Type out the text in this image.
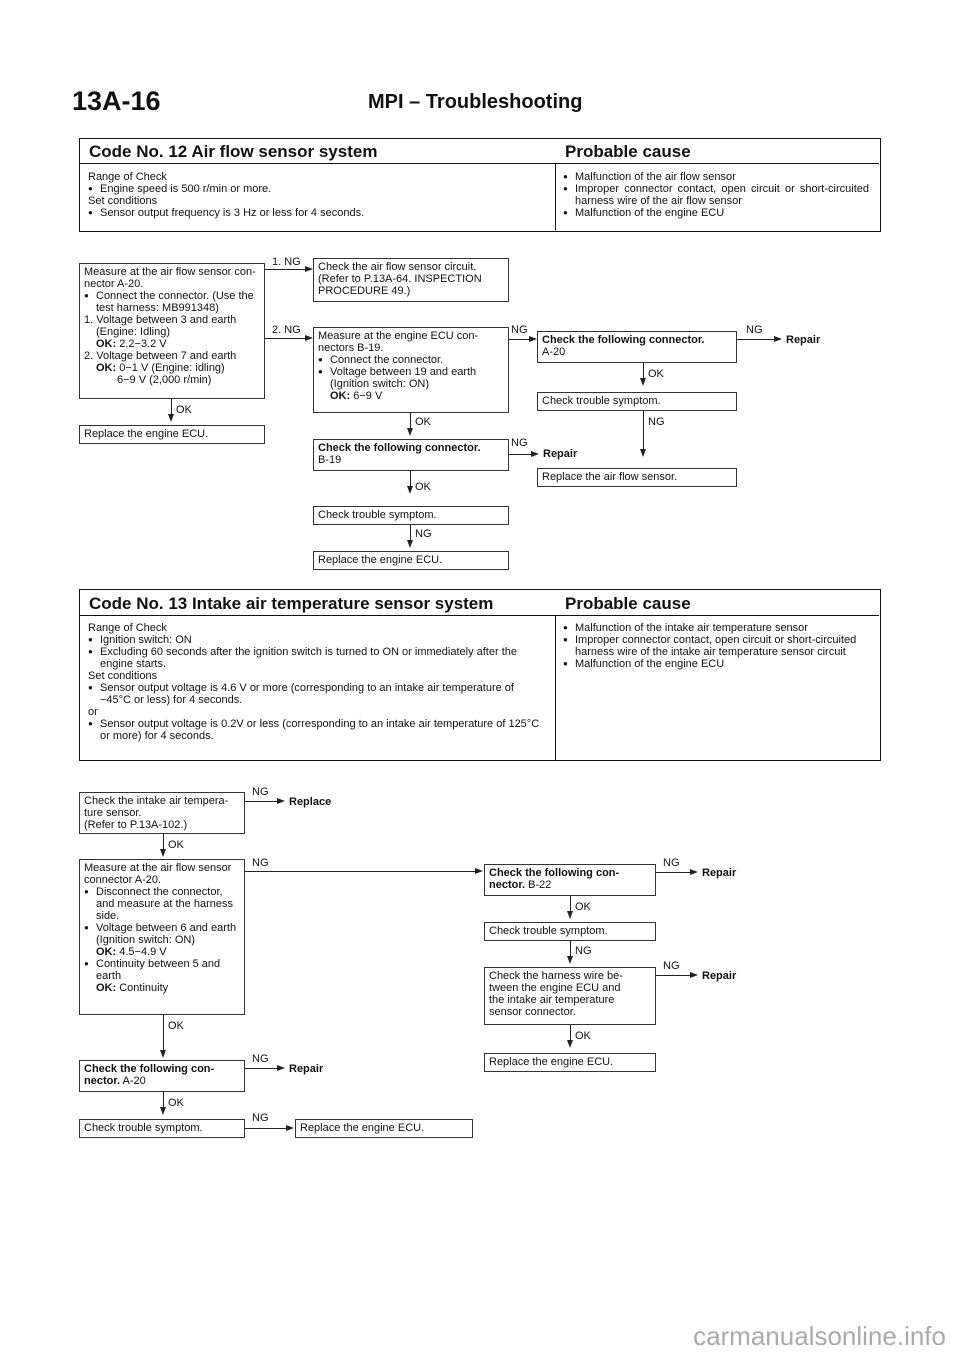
13A-16	MPI – Troubleshooting
Code No. 12 Air flow sensor system	Probable cause
Range of Check
● Engine speed is 500 r/min or more.
Set conditions
● Sensor output frequency is 3 Hz or less for 4 seconds.
● Malfunction of the air flow sensor
● Improper connector contact, open circuit or short-circuited harness wire of the air flow sensor
● Malfunction of the engine ECU
Measure at the air flow sensor con-
nector A-20.
● Connect the connector. (Use the test harness: MB991348)
1. Voltage between 3 and earth
(Engine: Idling)
OK: 2.2−3.2 V
2. Voltage between 7 and earth
OK: 0−1 V (Engine: idling)
6−9 V (2,000 r/min)
1. NG Check the air flow sensor circuit.
(Refer to P.13A-64. INSPECTION
PROCEDURE 49.)
2. NG Measure at the engine ECU con-
nectors B-19.
● Connect the connector.
● Voltage between 19 and earth (Ignition switch: ON)
OK: 6−9 V
OK
Replace the engine ECU.
OK
Check the following connector.
B-19
NG
Repair
OK
Check trouble symptom.
NG
Replace the engine ECU.
NG
Check the following connector.
A-20
NG
Repair
OK
Check trouble symptom.
NG
Replace the air flow sensor.
Code No. 13 Intake air temperature sensor system	Probable cause
Range of Check
● Ignition switch: ON
● Excluding 60 seconds after the ignition switch is turned to ON or immediately after the engine starts.
Set conditions
● Sensor output voltage is 4.6 V or more (corresponding to an intake air temperature of −45°C or less) for 4 seconds.
or
● Sensor output voltage is 0.2V or less (corresponding to an intake air temperature of 125°C or more) for 4 seconds.
● Malfunction of the intake air temperature sensor
● Improper connector contact, open circuit or short-circuited harness wire of the intake air temperature sensor circuit
● Malfunction of the engine ECU
Check the intake air tempera-
ture sensor.
(Refer to P.13A-102.)
NG
Replace
OK
Measure at the air flow sensor
connector A-20.
● Disconnect the connector, and measure at the harness side.
● Voltage between 6 and earth (Ignition switch: ON)
OK: 4.5−4.9 V
● Continuity between 5 and earth
OK: Continuity
NG
Check the following con-
nector. B-22
NG
Repair
OK
Check trouble symptom.
NG
Check the harness wire be-
tween the engine ECU and
the intake air temperature
sensor connector.
NG
Repair
OK
Replace the engine ECU.
OK
Check the following con-
nector. A-20
NG
Repair
OK
Check trouble symptom.
NG
Replace the engine ECU.
carmanualsonline.info
